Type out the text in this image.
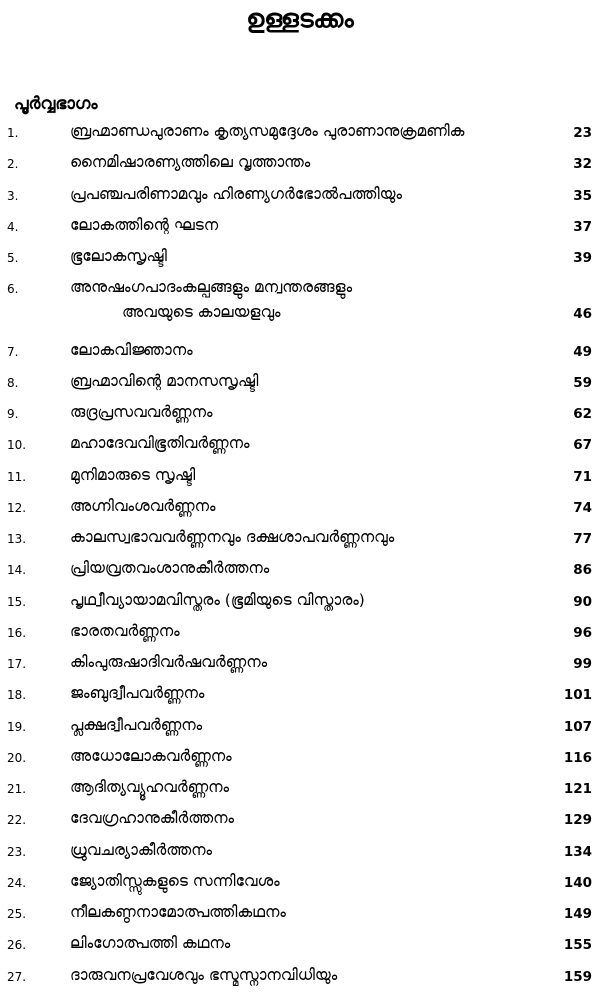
ഉള്ളടക്കം
പൂർവ്വഭാഗം
1.	ബ്രഹ്മാണ്ഡപുരാണം കൃത്യസമുദ്ദേശം പുരാണാനുക്രമണിക	23
2.	നൈമിഷാരണ്യത്തിലെ വൃത്താന്തം	32
3.	പ്രപഞ്ചപരിണാമവും ഹിരണ്യഗർഭോൽപത്തിയും	35
4.	ലോകത്തിന്റെ ഘടന	37
5.	ഭൂലോകസൃഷ്ടി	39
6.	അനുഷംഗപാദംകല്പങ്ങളും മന്വന്തരങ്ങളും
അവയുടെ കാലയളവും	46
7.	ലോകവിജ്ഞാനം	49
8.	ബ്രഹ്മാവിന്റെ മാനസസൃഷ്ടി	59
9.	രുദ്രപ്രസവവർണ്ണനം	62
10.	മഹാദേവവിഭൂതിവർണ്ണനം	67
11.	മുനിമാരുടെ സൃഷ്ടി	71
12.	അഗ്നിവംശവർണ്ണനം	74
13.	കാലസ്വഭാവവർണ്ണനവും ദക്ഷശാപവർണ്ണനവും	77
14.	പ്രിയവ്രതവംശാനുകീർത്തനം	86
15.	പൃഥ്വീവ്യായാമവിസ്തരം (ഭൂമിയുടെ വിസ്താരം)	90
16.	ഭാരതവർണ്ണനം	96
17.	കിംപുരുഷാദിവർഷവർണ്ണനം	99
18.	ജംബുദ്വീപവർണ്ണനം	101
19.	പ്ലക്ഷദ്വീപവർണ്ണനം	107
20.	അധോലോകവർണ്ണനം	116
21.	ആദിത്യവ്യൂഹവർണ്ണനം	121
22.	ദേവഗ്രഹാനുകീർത്തനം	129
23.	ധ്രുവചര്യാകീർത്തനം	134
24.	ജ്യോതിസ്സുകളുടെ സന്നിവേശം	140
25.	നീലകണ്ഠനാമോത്പത്തികഥനം	149
26.	ലിംഗോത്പത്തി കഥനം	155
27.	ദാരുവനപ്രവേശവും ഭസ്മസ്നാനവിധിയും	159
